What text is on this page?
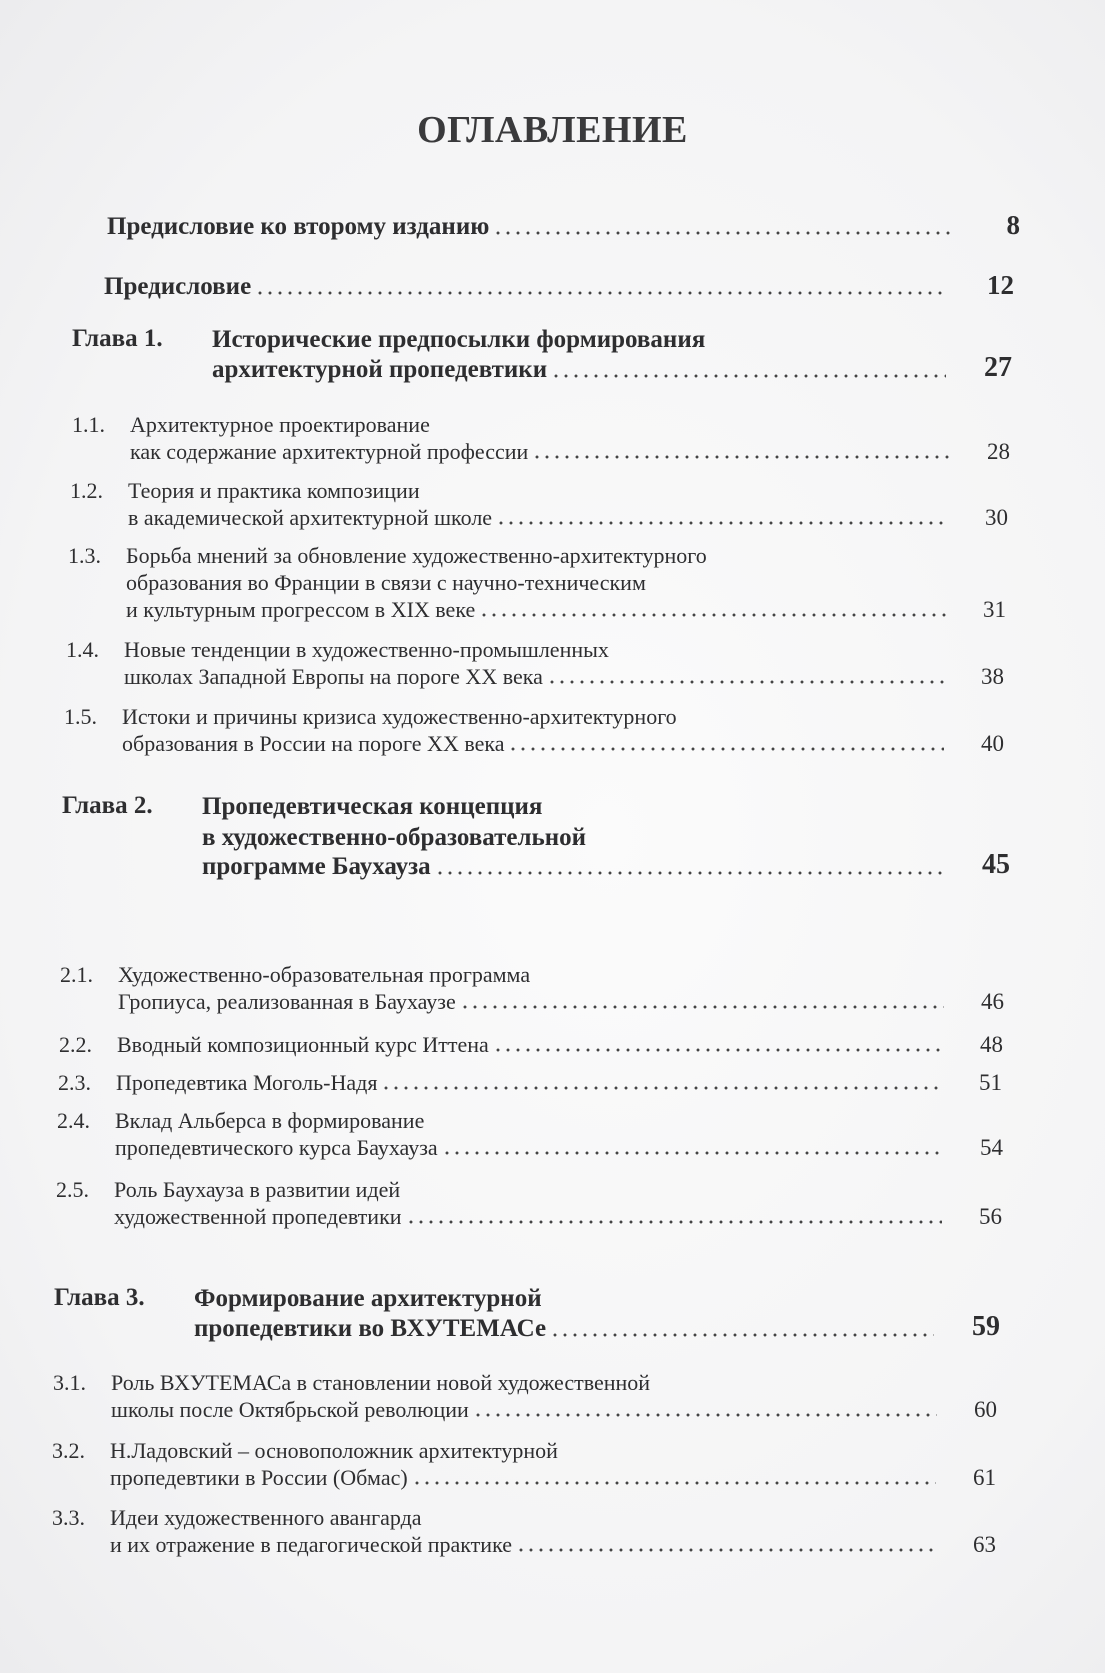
ОГЛАВЛЕНИЕ
Предисловие ко второму изданию	8
Предисловие	12
Глава 1.	Исторические предпосылки формирования
архитектурной пропедевтики	27
1.1.	Архитектурное проектирование
как содержание архитектурной профессии	28
1.2.	Теория и практика композиции
в академической архитектурной школе	30
1.3.	Борьба мнений за обновление художественно-архитектурного
образования во Франции в связи с научно-техническим
и культурным прогрессом в XIX веке	31
1.4.	Новые тенденции в художественно-промышленных
школах Западной Европы на пороге XX века	38
1.5.	Истоки и причины кризиса художественно-архитектурного
образования в России на пороге XX века	40
Глава 2.	Пропедевтическая концепция
в художественно-образовательной
программе Баухауза	45
2.1.	Художественно-образовательная программа
Гропиуса, реализованная в Баухаузе	46
2.2.	Вводный композиционный курс Иттена	48
2.3.	Пропедевтика Моголь-Надя	51
2.4.	Вклад Альберса в формирование
пропедевтического курса Баухауза	54
2.5.	Роль Баухауза в развитии идей
художественной пропедевтики	56
Глава 3.	Формирование архитектурной
пропедевтики во ВХУТЕМАСе	59
3.1.	Роль ВХУТЕМАСа в становлении новой художественной
школы после Октябрьской революции	60
3.2.	Н.Ладовский – основоположник архитектурной
пропедевтики в России (Обмас)	61
3.3.	Идеи художественного авангарда
и их отражение в педагогической практике	63
